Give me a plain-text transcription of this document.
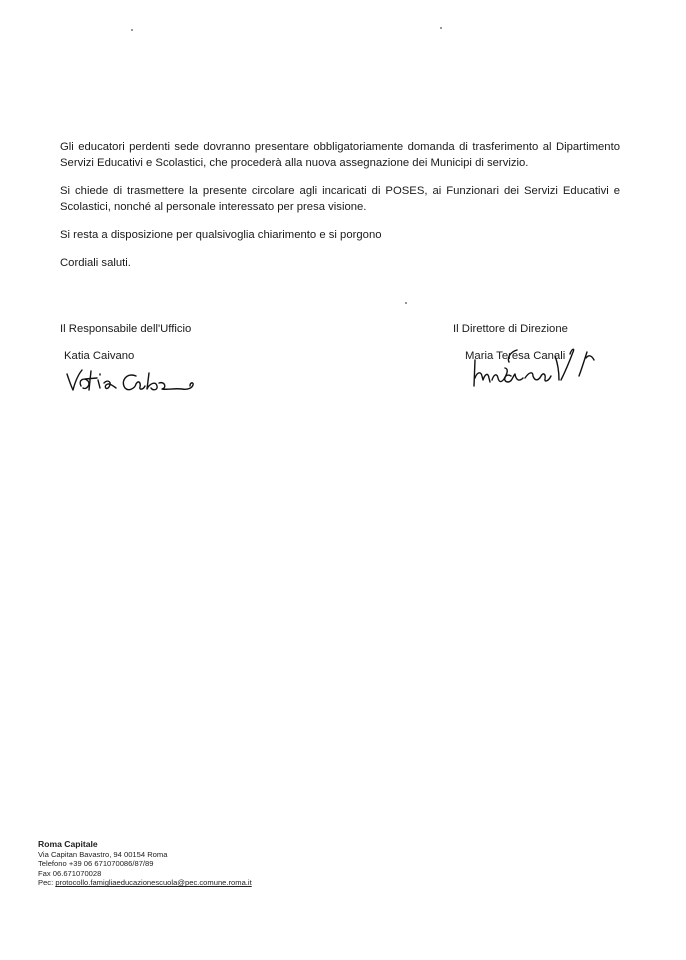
Gli educatori perdenti sede dovranno presentare obbligatoriamente domanda di trasferimento al Dipartimento Servizi Educativi e Scolastici, che procederà alla nuova assegnazione dei Municipi di servizio.

Si chiede di trasmettere la presente circolare agli incaricati di POSES, ai Funzionari dei Servizi Educativi e Scolastici, nonché al personale interessato per presa visione.

Si resta a disposizione per qualsivoglia chiarimento e si porgono

Cordiali saluti.

Il Responsabile dell'Ufficio
Katia Caivano
Il Direttore di Direzione
Maria Teresa Canali
Roma Capitale
Via Capitan Bavastro, 94 00154 Roma
Telefono +39 06 671070086/87/89
Fax 06.671070028
Pec: protocollo.famigliaeducazionescuola@pec.comune.roma.it
